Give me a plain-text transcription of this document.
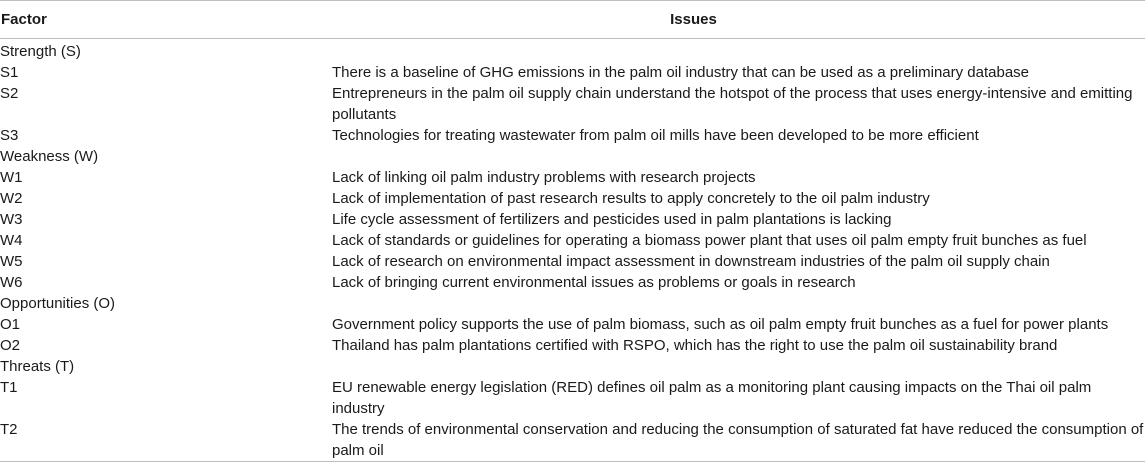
Factor	Issues
Strength (S)	
S1	There is a baseline of GHG emissions in the palm oil industry that can be used as a preliminary database
S2	Entrepreneurs in the palm oil supply chain understand the hotspot of the process that uses energy-intensive and emitting pollutants
S3	Technologies for treating wastewater from palm oil mills have been developed to be more efficient
Weakness (W)	
W1	Lack of linking oil palm industry problems with research projects
W2	Lack of implementation of past research results to apply concretely to the oil palm industry
W3	Life cycle assessment of fertilizers and pesticides used in palm plantations is lacking
W4	Lack of standards or guidelines for operating a biomass power plant that uses oil palm empty fruit bunches as fuel
W5	Lack of research on environmental impact assessment in downstream industries of the palm oil supply chain
W6	Lack of bringing current environmental issues as problems or goals in research
Opportunities (O)	
O1	Government policy supports the use of palm biomass, such as oil palm empty fruit bunches as a fuel for power plants
O2	Thailand has palm plantations certified with RSPO, which has the right to use the palm oil sustainability brand
Threats (T)	
T1	EU renewable energy legislation (RED) defines oil palm as a monitoring plant causing impacts on the Thai oil palm industry
T2	The trends of environmental conservation and reducing the consumption of saturated fat have reduced the consumption of palm oil
